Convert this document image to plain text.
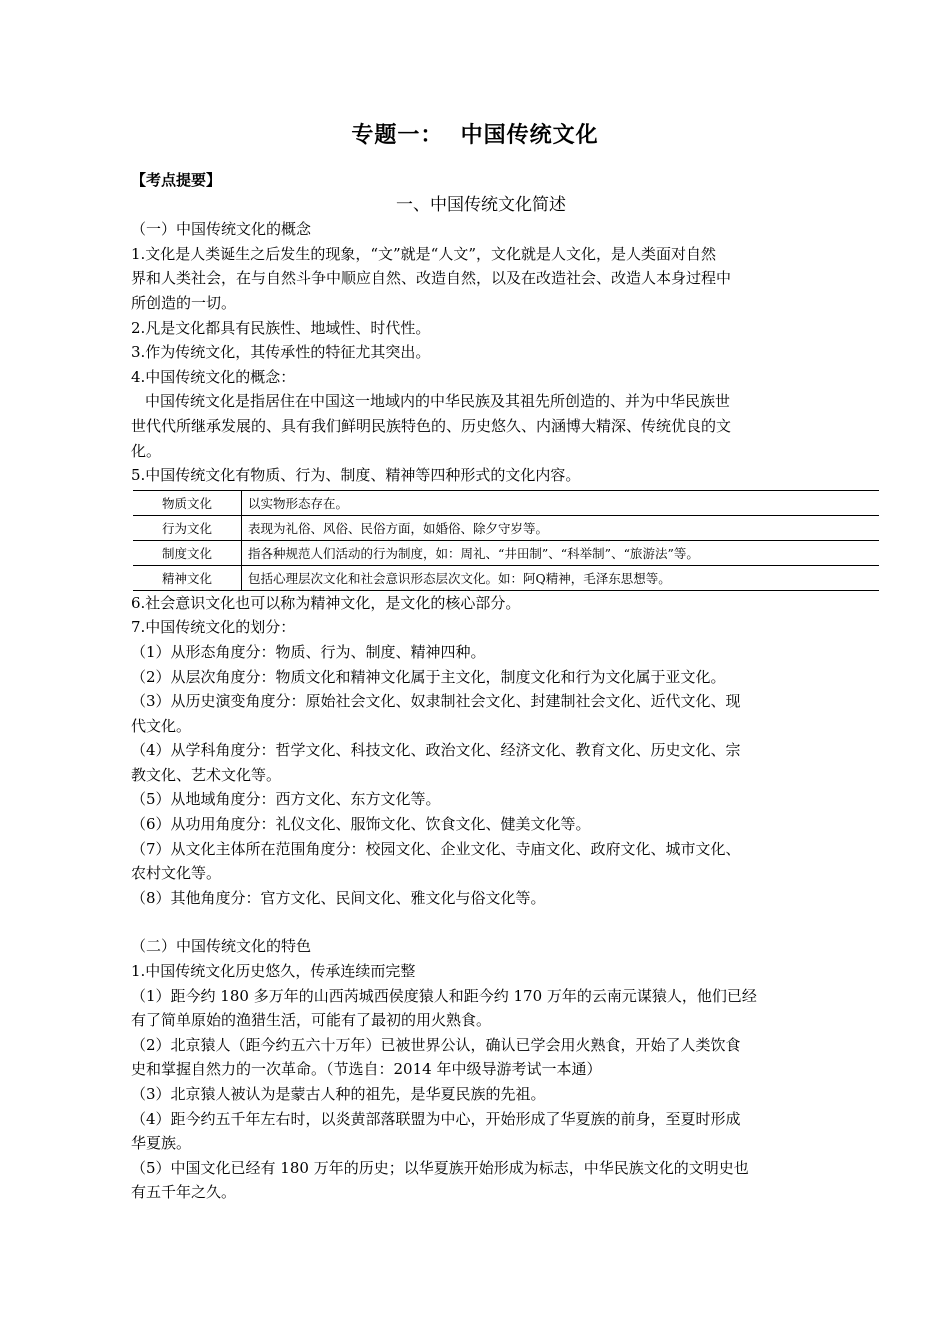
专题一：  中国传统文化
【考点提要】
一、中国传统文化简述
（一）中国传统文化的概念
1.文化是人类诞生之后发生的现象，“文”就是“人文”，文化就是人文化，是人类面对自然
界和人类社会，在与自然斗争中顺应自然、改造自然，以及在改造社会、改造人本身过程中
所创造的一切。
2.凡是文化都具有民族性、地域性、时代性。
3.作为传统文化，其传承性的特征尤其突出。
4.中国传统文化的概念：
中国传统文化是指居住在中国这一地域内的中华民族及其祖先所创造的、并为中华民族世
世代代所继承发展的、具有我们鲜明民族特色的、历史悠久、内涵博大精深、传统优良的文
化。
5.中国传统文化有物质、行为、制度、精神等四种形式的文化内容。
物质文化	以实物形态存在。
行为文化	表现为礼俗、风俗、民俗方面，如婚俗、除夕守岁等。
制度文化	指各种规范人们活动的行为制度，如：周礼、“井田制”、“科举制”、“旅游法”等。
精神文化	包括心理层次文化和社会意识形态层次文化。如：阿Q精神，毛泽东思想等。
6.社会意识文化也可以称为精神文化，是文化的核心部分。
7.中国传统文化的划分：
（1）从形态角度分：物质、行为、制度、精神四种。
（2）从层次角度分：物质文化和精神文化属于主文化，制度文化和行为文化属于亚文化。
（3）从历史演变角度分：原始社会文化、奴隶制社会文化、封建制社会文化、近代文化、现
代文化。
（4）从学科角度分：哲学文化、科技文化、政治文化、经济文化、教育文化、历史文化、宗
教文化、艺术文化等。
（5）从地域角度分：西方文化、东方文化等。
（6）从功用角度分：礼仪文化、服饰文化、饮食文化、健美文化等。
（7）从文化主体所在范围角度分：校园文化、企业文化、寺庙文化、政府文化、城市文化、
农村文化等。
（8）其他角度分：官方文化、民间文化、雅文化与俗文化等。
（二）中国传统文化的特色
1.中国传统文化历史悠久，传承连续而完整
（1）距今约 180 多万年的山西芮城西侯度猿人和距今约 170 万年的云南元谋猿人，他们已经
有了简单原始的渔猎生活，可能有了最初的用火熟食。
（2）北京猿人（距今约五六十万年）已被世界公认，确认已学会用火熟食，开始了人类饮食
史和掌握自然力的一次革命。（节选自：2014 年中级导游考试一本通）
（3）北京猿人被认为是蒙古人种的祖先，是华夏民族的先祖。
（4）距今约五千年左右时，以炎黄部落联盟为中心，开始形成了华夏族的前身，至夏时形成
华夏族。
（5）中国文化已经有 180 万年的历史；以华夏族开始形成为标志，中华民族文化的文明史也
有五千年之久。
